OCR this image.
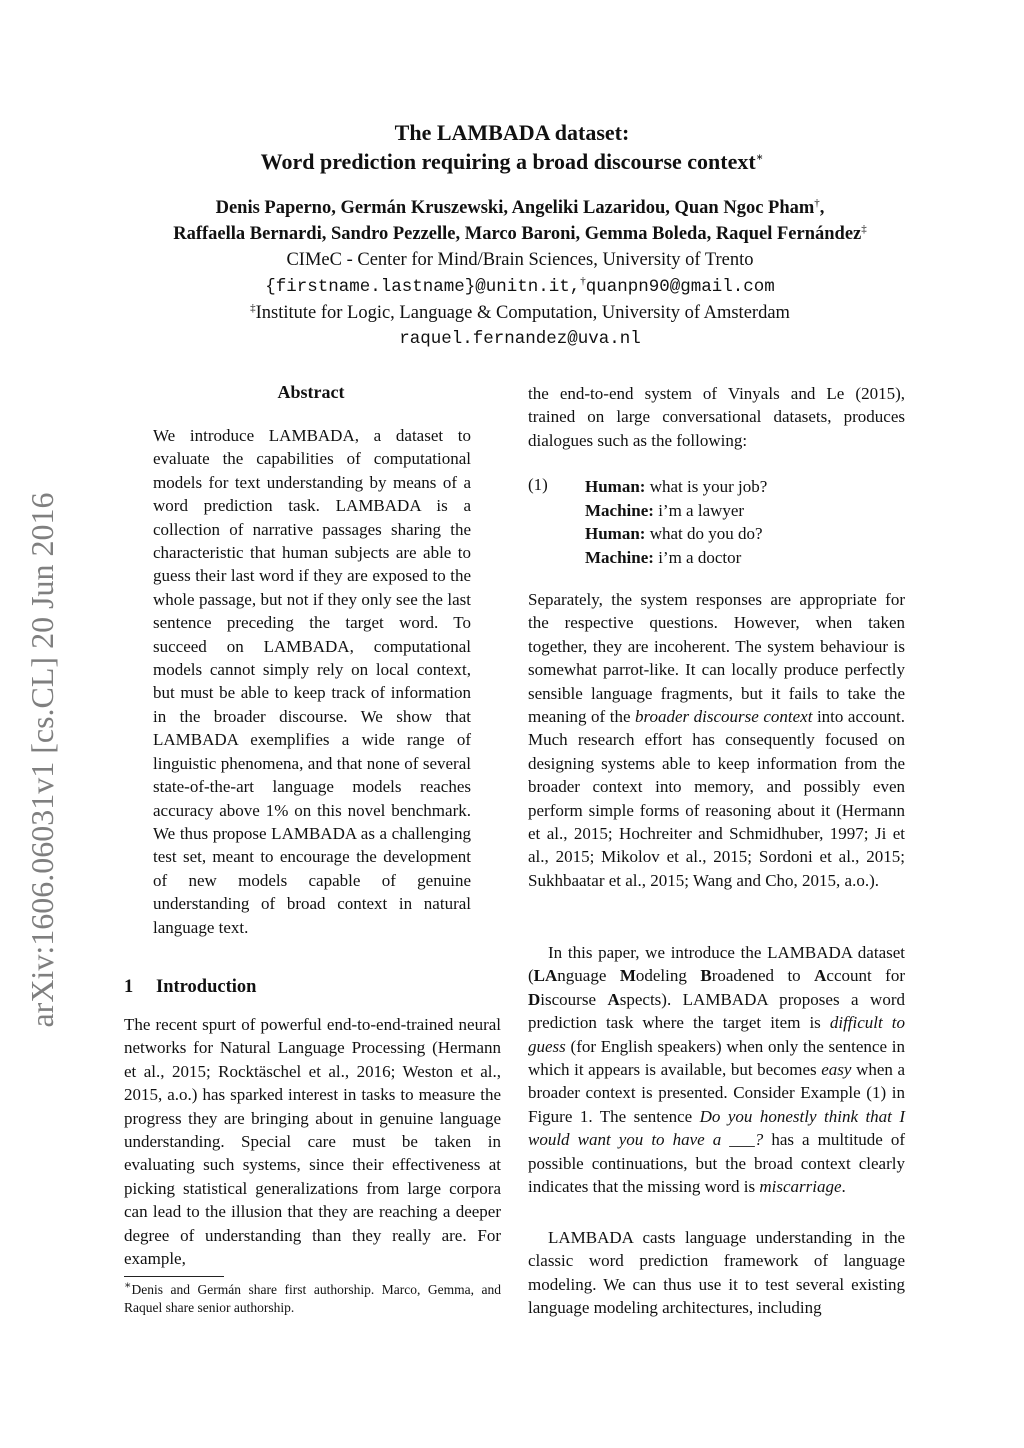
arXiv:1606.06031v1 [cs.CL] 20 Jun 2016
The LAMBADA dataset:
Word prediction requiring a broad discourse context∗
Denis Paperno, Germán Kruszewski, Angeliki Lazaridou, Quan Ngoc Pham†,
Raffaella Bernardi, Sandro Pezzelle, Marco Baroni, Gemma Boleda, Raquel Fernández‡
CIMeC - Center for Mind/Brain Sciences, University of Trento
{firstname.lastname}@unitn.it,†quanpn90@gmail.com
‡Institute for Logic, Language & Computation, University of Amsterdam
raquel.fernandez@uva.nl
Abstract
We introduce LAMBADA, a dataset to evaluate the capabilities of computational models for text understanding by means of a word prediction task. LAMBADA is a collection of narrative passages sharing the characteristic that human subjects are able to guess their last word if they are exposed to the whole passage, but not if they only see the last sentence preceding the target word. To succeed on LAMBADA, computational models cannot simply rely on local context, but must be able to keep track of information in the broader discourse. We show that LAMBADA exemplifies a wide range of linguistic phenomena, and that none of several state-of-the-art language models reaches accuracy above 1% on this novel benchmark. We thus propose LAMBADA as a challenging test set, meant to encourage the development of new models capable of genuine understanding of broad context in natural language text.
1 Introduction
The recent spurt of powerful end-to-end-trained neural networks for Natural Language Processing (Hermann et al., 2015; Rocktäschel et al., 2016; Weston et al., 2015, a.o.) has sparked interest in tasks to measure the progress they are bringing about in genuine language understanding. Special care must be taken in evaluating such systems, since their effectiveness at picking statistical generalizations from large corpora can lead to the illusion that they are reaching a deeper degree of understanding than they really are. For example,
∗Denis and Germán share first authorship. Marco, Gemma, and Raquel share senior authorship.
the end-to-end system of Vinyals and Le (2015), trained on large conversational datasets, produces dialogues such as the following:
(1) Human: what is your job?
Machine: i’m a lawyer
Human: what do you do?
Machine: i’m a doctor
Separately, the system responses are appropriate for the respective questions. However, when taken together, they are incoherent. The system behaviour is somewhat parrot-like. It can locally produce perfectly sensible language fragments, but it fails to take the meaning of the broader discourse context into account. Much research effort has consequently focused on designing systems able to keep information from the broader context into memory, and possibly even perform simple forms of reasoning about it (Hermann et al., 2015; Hochreiter and Schmidhuber, 1997; Ji et al., 2015; Mikolov et al., 2015; Sordoni et al., 2015; Sukhbaatar et al., 2015; Wang and Cho, 2015, a.o.).
In this paper, we introduce the LAMBADA dataset (LAnguage Modeling Broadened to Account for Discourse Aspects). LAMBADA proposes a word prediction task where the target item is difficult to guess (for English speakers) when only the sentence in which it appears is available, but becomes easy when a broader context is presented. Consider Example (1) in Figure 1. The sentence Do you honestly think that I would want you to have a ___? has a multitude of possible continuations, but the broad context clearly indicates that the missing word is miscarriage.
LAMBADA casts language understanding in the classic word prediction framework of language modeling. We can thus use it to test several existing language modeling architectures, including
